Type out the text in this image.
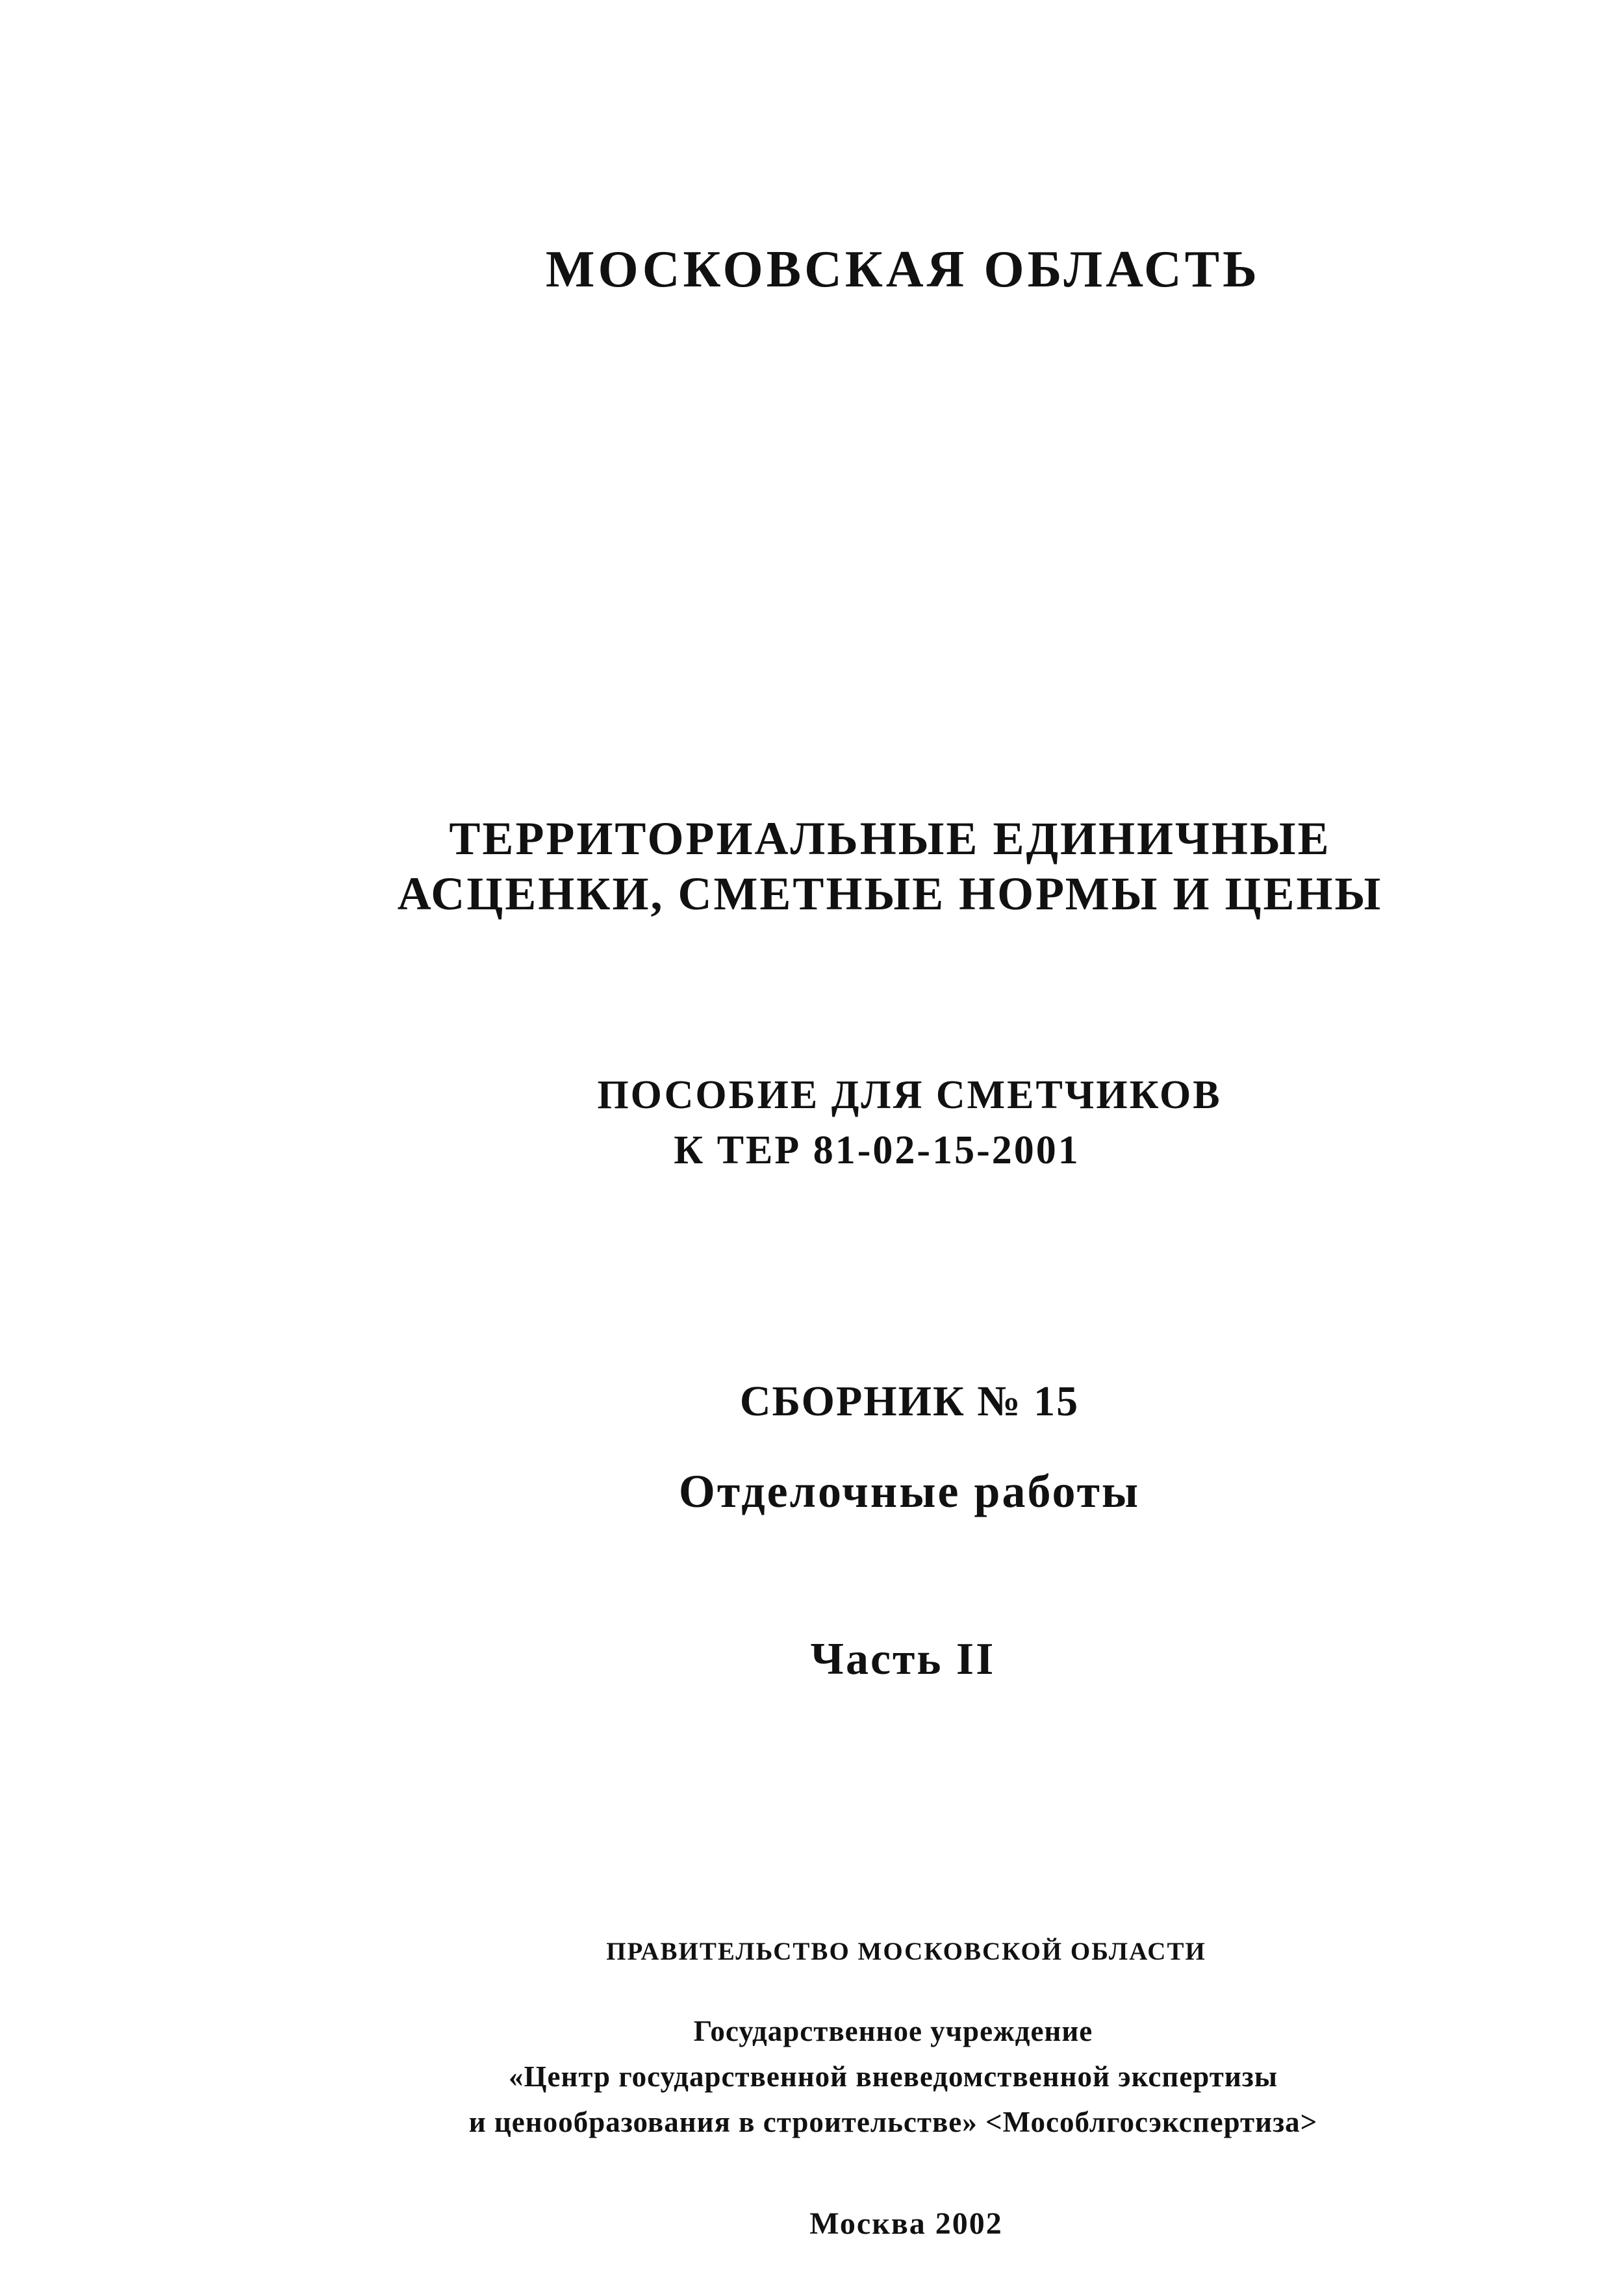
МОСКОВСКАЯ ОБЛАСТЬ
ТЕРРИТОРИАЛЬНЫЕ ЕДИНИЧНЫЕ
АСЦЕНКИ, СМЕТНЫЕ НОРМЫ И ЦЕНЫ
ПОСОБИЕ ДЛЯ СМЕТЧИКОВ
К ТЕР 81-02-15-2001
СБОРНИК № 15
Отделочные работы
Часть II
ПРАВИТЕЛЬСТВО МОСКОВСКОЙ ОБЛАСТИ
Государственное учреждение
«Центр государственной вневедомственной экспертизы
и ценообразования в строительстве» <Мособлгосэкспертиза>
Москва 2002
